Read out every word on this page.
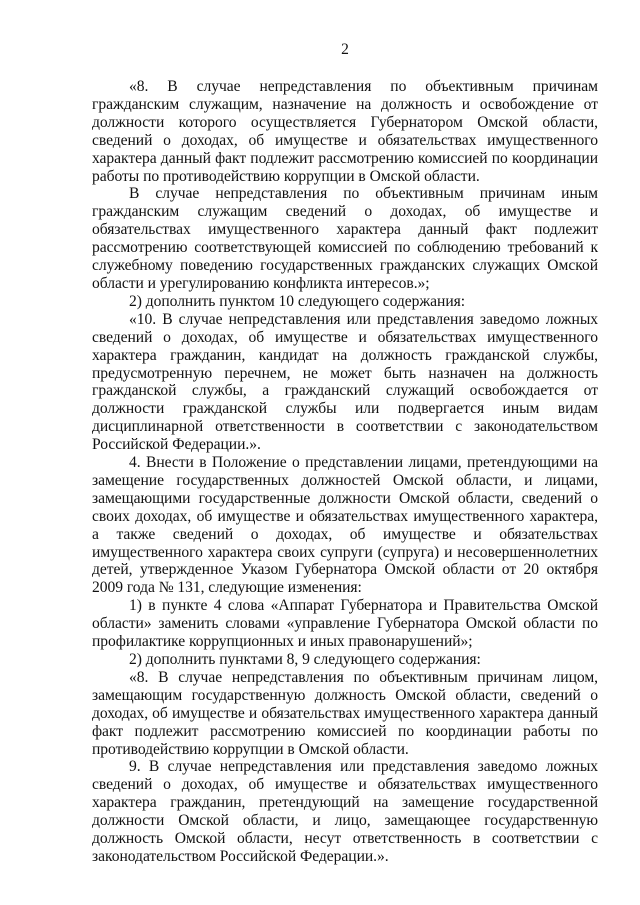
2

«8. В случае непредставления по объективным причинам гражданским служащим, назначение на должность и освобождение от должности которого осуществляется Губернатором Омской области, сведений о доходах, об имуществе и обязательствах имущественного характера данный факт подлежит рассмотрению комиссией по координации работы по противодействию коррупции в Омской области.

В случае непредставления по объективным причинам иным гражданским служащим сведений о доходах, об имуществе и обязательствах имущественного характера данный факт подлежит рассмотрению соответствующей комиссией по соблюдению требований к служебному поведению государственных гражданских служащих Омской области и урегулированию конфликта интересов.»;

2) дополнить пунктом 10 следующего содержания:

«10. В случае непредставления или представления заведомо ложных сведений о доходах, об имуществе и обязательствах имущественного характера гражданин, кандидат на должность гражданской службы, предусмотренную перечнем, не может быть назначен на должность гражданской службы, а гражданский служащий освобождается от должности гражданской службы или подвергается иным видам дисциплинарной ответственности в соответствии с законодательством Российской Федерации.».

4. Внести в Положение о представлении лицами, претендующими на замещение государственных должностей Омской области, и лицами, замещающими государственные должности Омской области, сведений о своих доходах, об имуществе и обязательствах имущественного характера, а также сведений о доходах, об имуществе и обязательствах имущественного характера своих супруги (супруга) и несовершеннолетних детей, утвержденное Указом Губернатора Омской области от 20 октября 2009 года № 131, следующие изменения:

1) в пункте 4 слова «Аппарат Губернатора и Правительства Омской области» заменить словами «управление Губернатора Омской области по профилактике коррупционных и иных правонарушений»;

2) дополнить пунктами 8, 9 следующего содержания:

«8. В случае непредставления по объективным причинам лицом, замещающим государственную должность Омской области, сведений о доходах, об имуществе и обязательствах имущественного характера данный факт подлежит рассмотрению комиссией по координации работы по противодействию коррупции в Омской области.

9. В случае непредставления или представления заведомо ложных сведений о доходах, об имуществе и обязательствах имущественного характера гражданин, претендующий на замещение государственной должности Омской области, и лицо, замещающее государственную должность Омской области, несут ответственность в соответствии с законодательством Российской Федерации.».
